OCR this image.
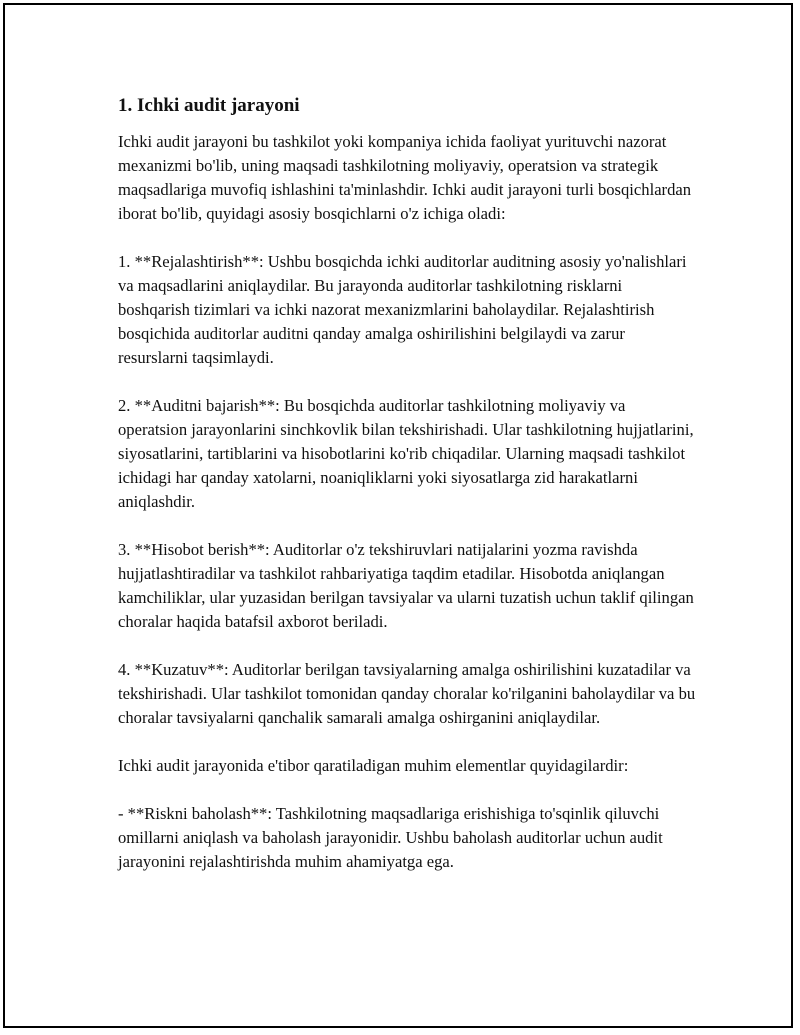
1. Ichki audit jarayoni

Ichki audit jarayoni bu tashkilot yoki kompaniya ichida faoliyat yurituvchi nazorat mexanizmi bo'lib, uning maqsadi tashkilotning moliyaviy, operatsion va strategik maqsadlariga muvofiq ishlashini ta'minlashdir. Ichki audit jarayoni turli bosqichlardan iborat bo'lib, quyidagi asosiy bosqichlarni o'z ichiga oladi:

1. **Rejalashtirish**: Ushbu bosqichda ichki auditorlar auditning asosiy yo'nalishlari va maqsadlarini aniqlaydilar. Bu jarayonda auditorlar tashkilotning risklarni boshqarish tizimlari va ichki nazorat mexanizmlarini baholaydilar. Rejalashtirish bosqichida auditorlar auditni qanday amalga oshirilishini belgilaydi va zarur resurslarni taqsimlaydi.

2. **Auditni bajarish**: Bu bosqichda auditorlar tashkilotning moliyaviy va operatsion jarayonlarini sinchkovlik bilan tekshirishadi. Ular tashkilotning hujjatlarini, siyosatlarini, tartiblarini va hisobotlarini ko'rib chiqadilar. Ularning maqsadi tashkilot ichidagi har qanday xatolarni, noaniqliklarni yoki siyosatlarga zid harakatlarni aniqlashdir.

3. **Hisobot berish**: Auditorlar o'z tekshiruvlari natijalarini yozma ravishda hujjatlashtiradilar va tashkilot rahbariyatiga taqdim etadilar. Hisobotda aniqlangan kamchiliklar, ular yuzasidan berilgan tavsiyalar va ularni tuzatish uchun taklif qilingan choralar haqida batafsil axborot beriladi.

4. **Kuzatuv**: Auditorlar berilgan tavsiyalarning amalga oshirilishini kuzatadilar va tekshirishadi. Ular tashkilot tomonidan qanday choralar ko'rilganini baholaydilar va bu choralar tavsiyalarni qanchalik samarali amalga oshirganini aniqlaydilar.

Ichki audit jarayonida e'tibor qaratiladigan muhim elementlar quyidagilardir:

- **Riskni baholash**: Tashkilotning maqsadlariga erishishiga to'sqinlik qiluvchi omillarni aniqlash va baholash jarayonidir. Ushbu baholash auditorlar uchun audit jarayonini rejalashtirishda muhim ahamiyatga ega.
